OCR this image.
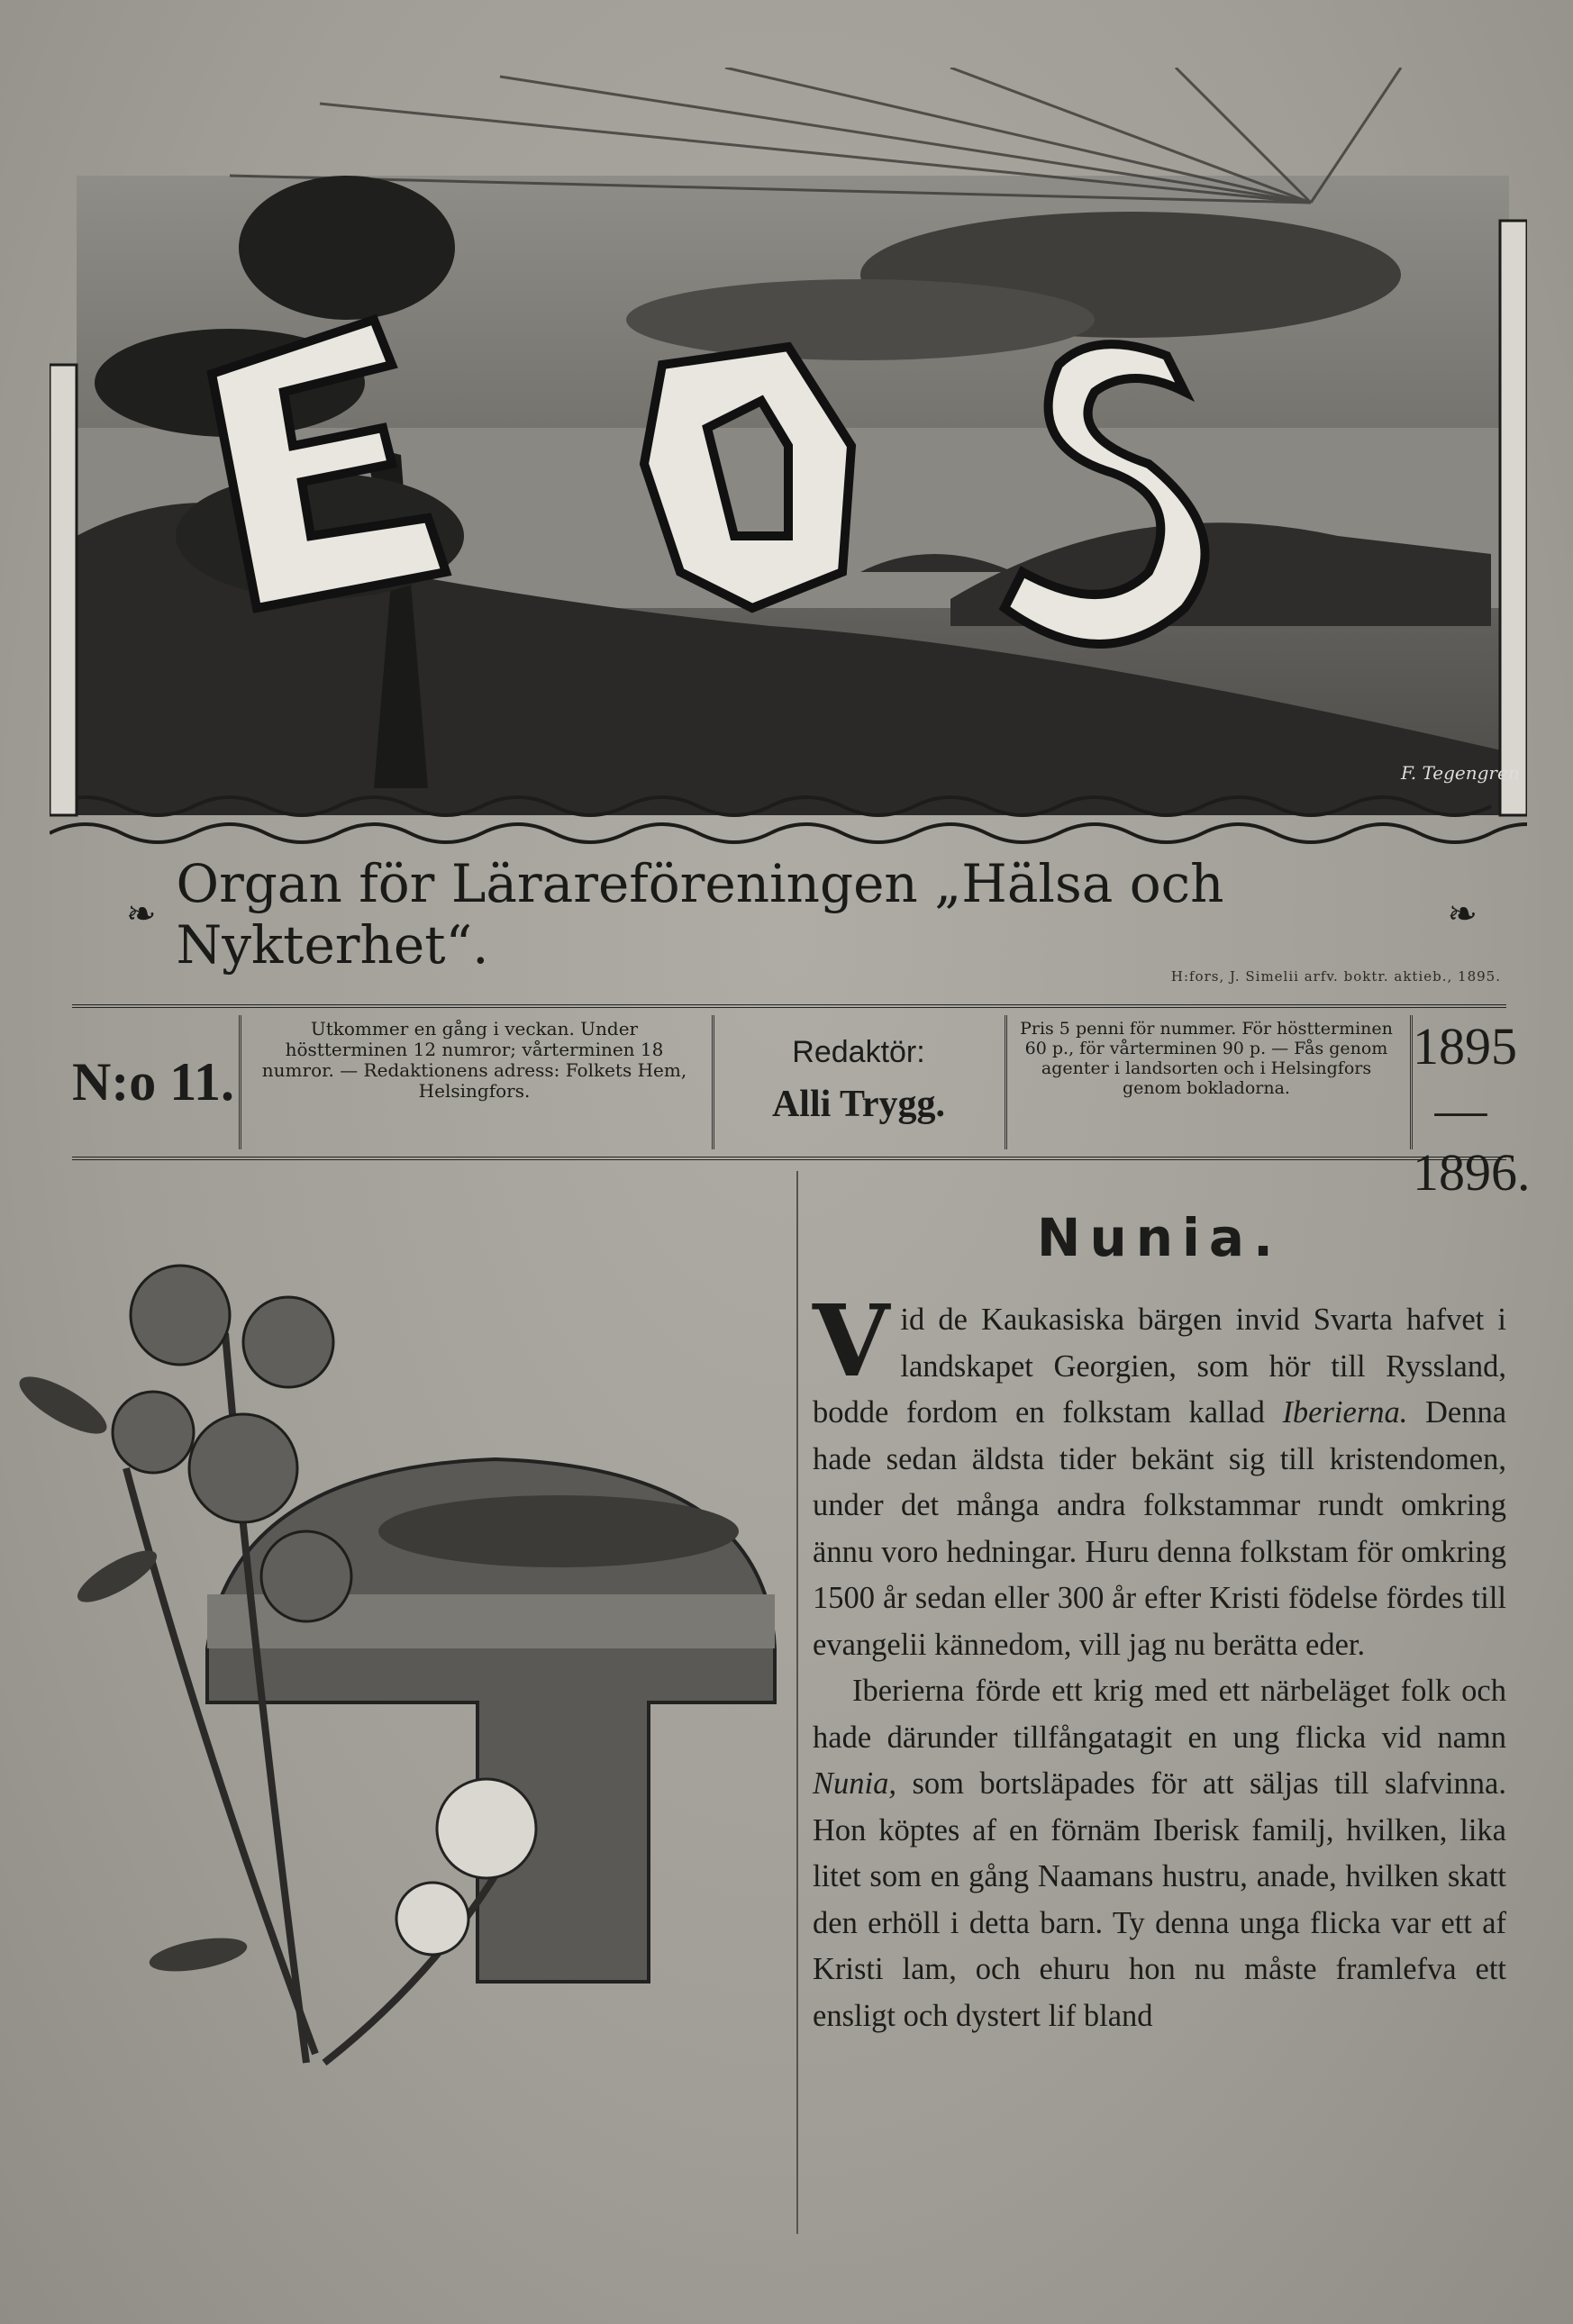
F. Tegengren
❧ Organ för Lärareföreningen „Hälsa och Nykterhet“.	❧
H:fors, J. Simelii arfv. boktr. aktieb., 1895.
N:o 11.
Utkommer en gång i veckan. Under höstterminen 12 numror; vårterminen 18 numror. — Redaktionens adress: Folkets Hem, Helsingfors.
Redaktör:
Alli Trygg.
Pris 5 penni för nummer. För höstterminen 60 p., för vårterminen 90 p. — Fås genom agenter i landsorten och i Helsingfors genom bokladorna.
1895—
1896.
Nunia.

Vid de Kaukasiska bärgen invid Svarta hafvet i landskapet Georgien, som hör till Ryssland, bodde fordom en folkstam kallad Iberierna. Denna hade sedan äldsta tider bekänt sig till kristendomen, under det många andra folkstammar rundt omkring ännu voro hedningar. Huru denna folkstam för omkring 1500 år sedan eller 300 år efter Kristi födelse fördes till evangelii kännedom, vill jag nu berätta eder.

Iberierna förde ett krig med ett närbeläget folk och hade därunder tillfångatagit en ung flicka vid namn Nunia, som bortsläpades för att säljas till slafvinna. Hon köptes af en förnäm Iberisk familj, hvilken, lika litet som en gång Naamans hustru, anade, hvilken skatt den erhöll i detta barn. Ty denna unga flicka var ett af Kristi lam, och ehuru hon nu måste framlefva ett ensligt och dystert lif bland
